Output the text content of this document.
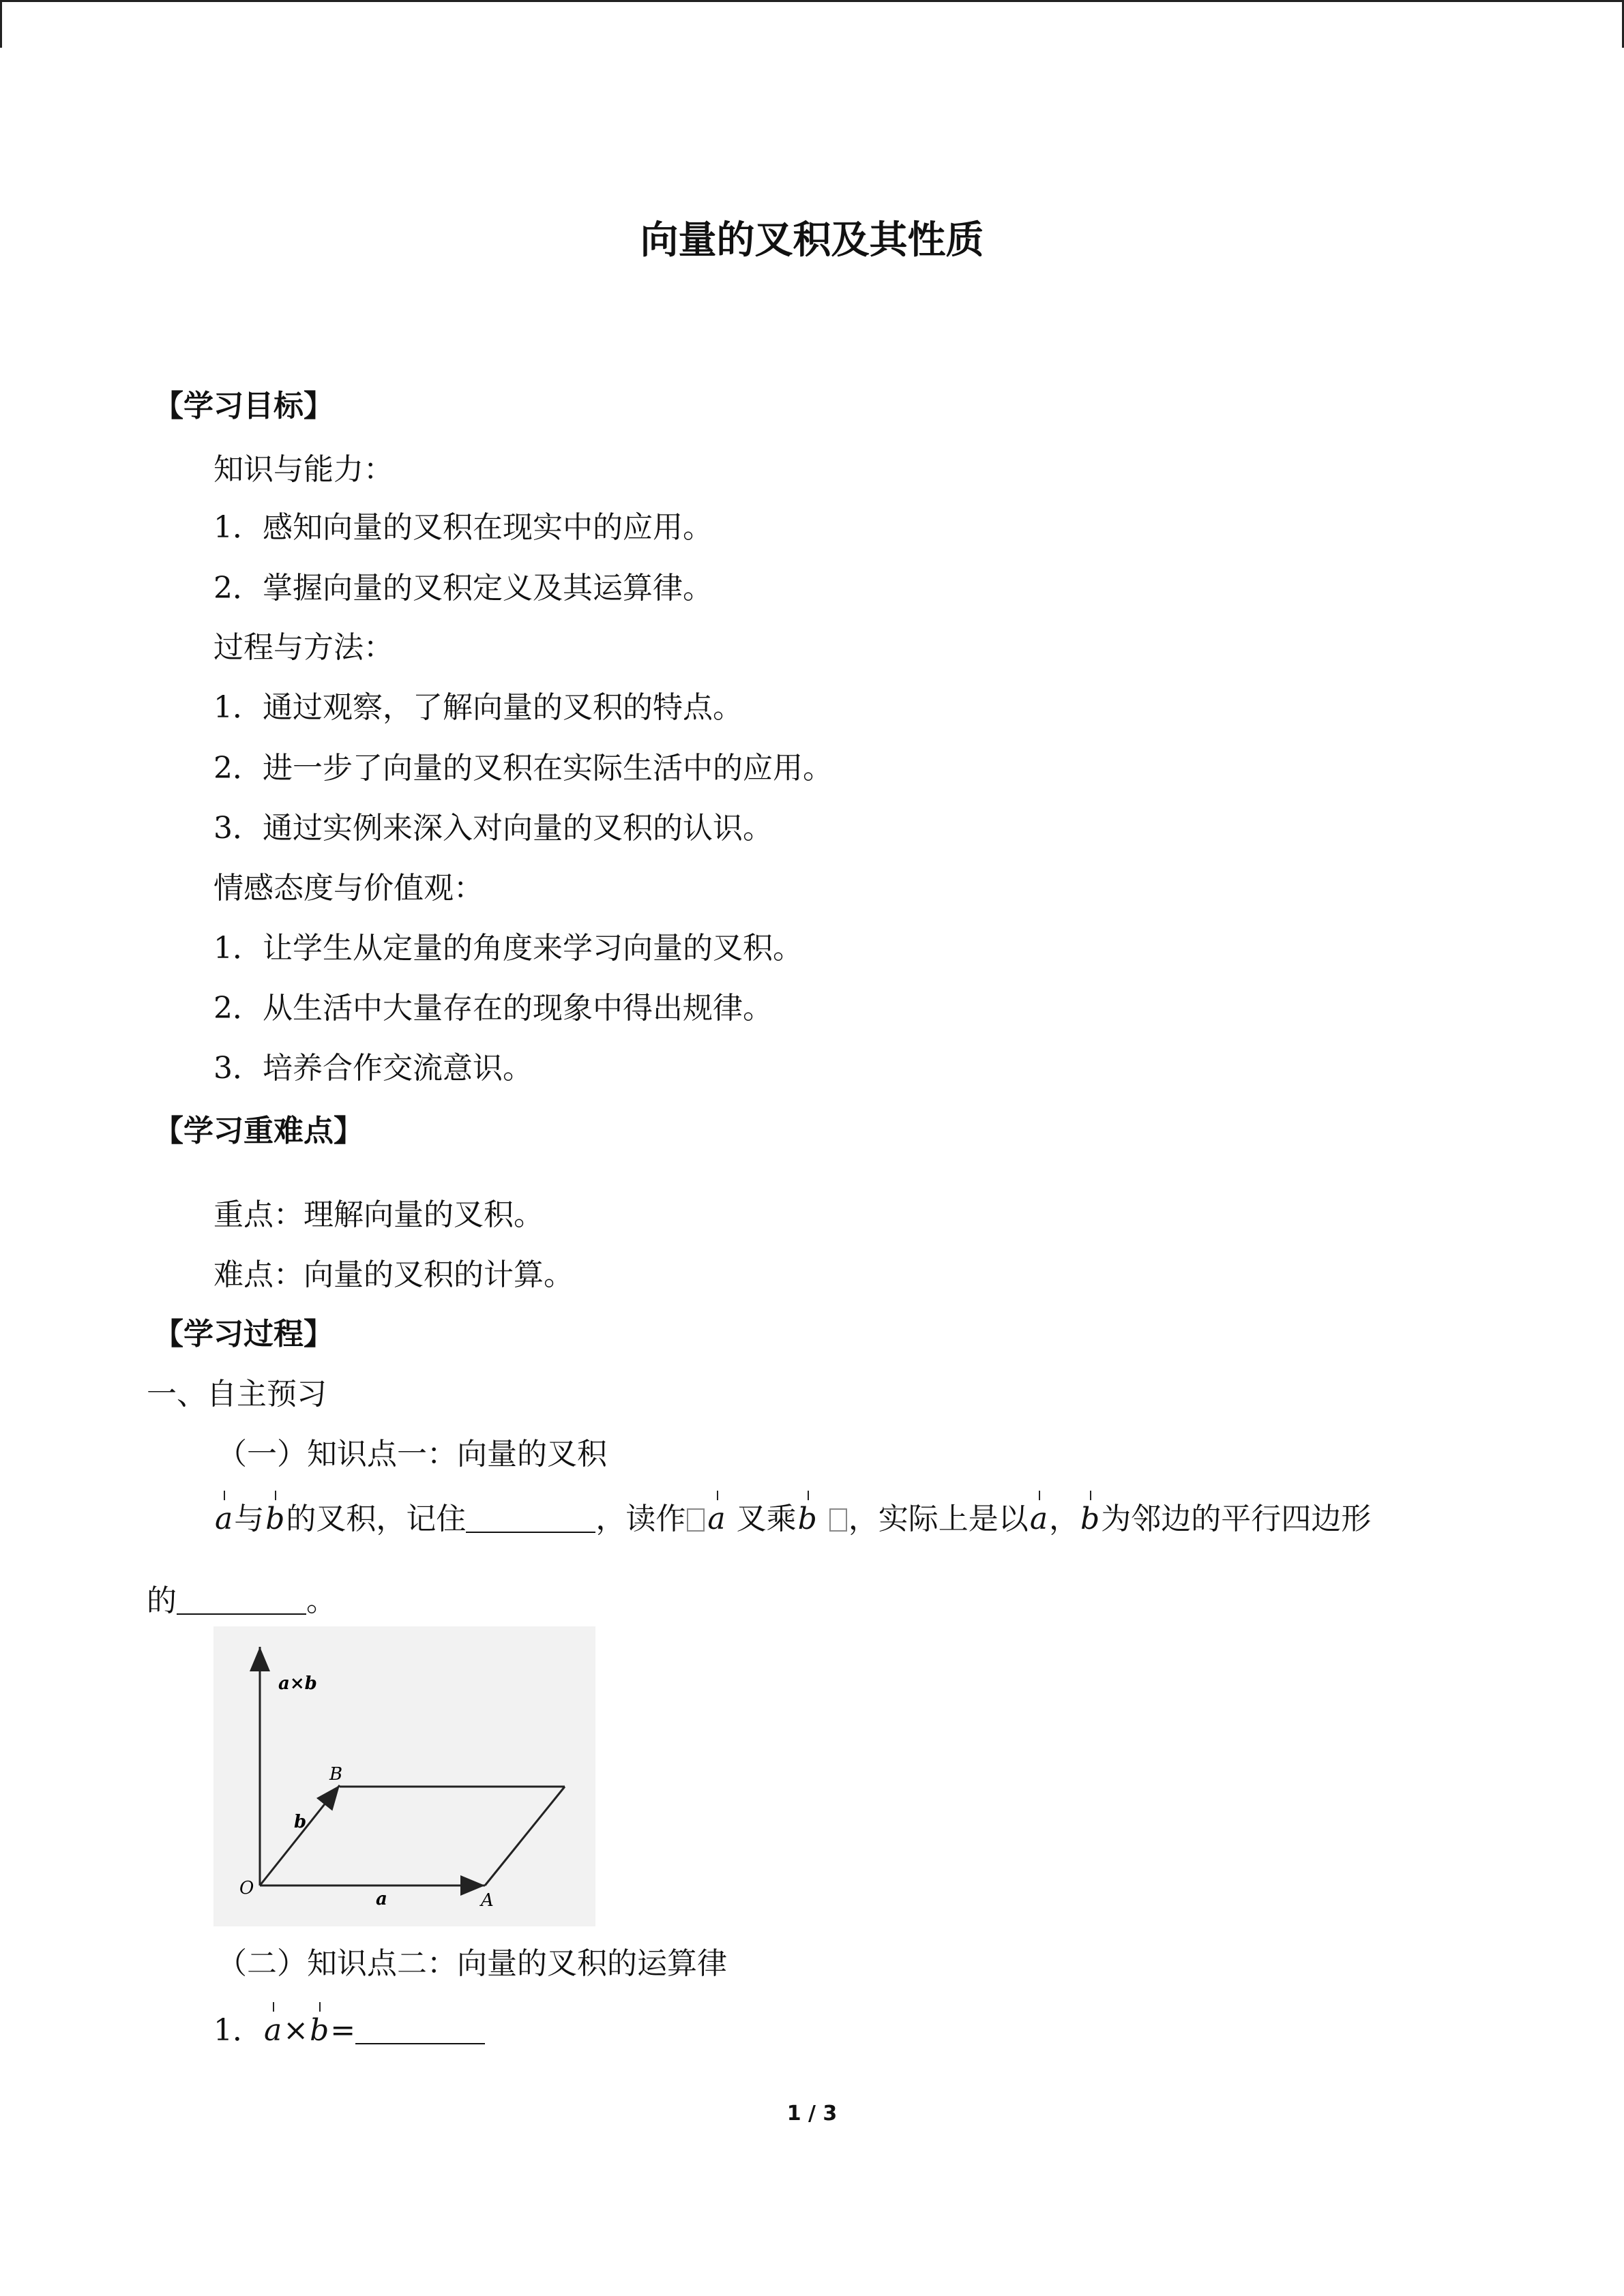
向量的叉积及其性质
【学习目标】
知识与能力：
1．感知向量的叉积在现实中的应用。
2．掌握向量的叉积定义及其运算律。
过程与方法：
1．通过观察，了解向量的叉积的特点。
2．进一步了向量的叉积在实际生活中的应用。
3．通过实例来深入对向量的叉积的认识。
情感态度与价值观：
1．让学生从定量的角度来学习向量的叉积。
2．从生活中大量存在的现象中得出规律。
3．培养合作交流意识。
【学习重难点】
重点：理解向量的叉积。
难点：向量的叉积的计算。
【学习过程】
一、自主预习
（一）知识点一：向量的叉积
a与b的叉积，记住	，读作 a 叉乘b ，实际上是以a，b为邻边的平行四边形
的	。
a×b
B
b
O
a	A
（二）知识点二：向量的叉积的运算律
1．a×b=
1 / 3
